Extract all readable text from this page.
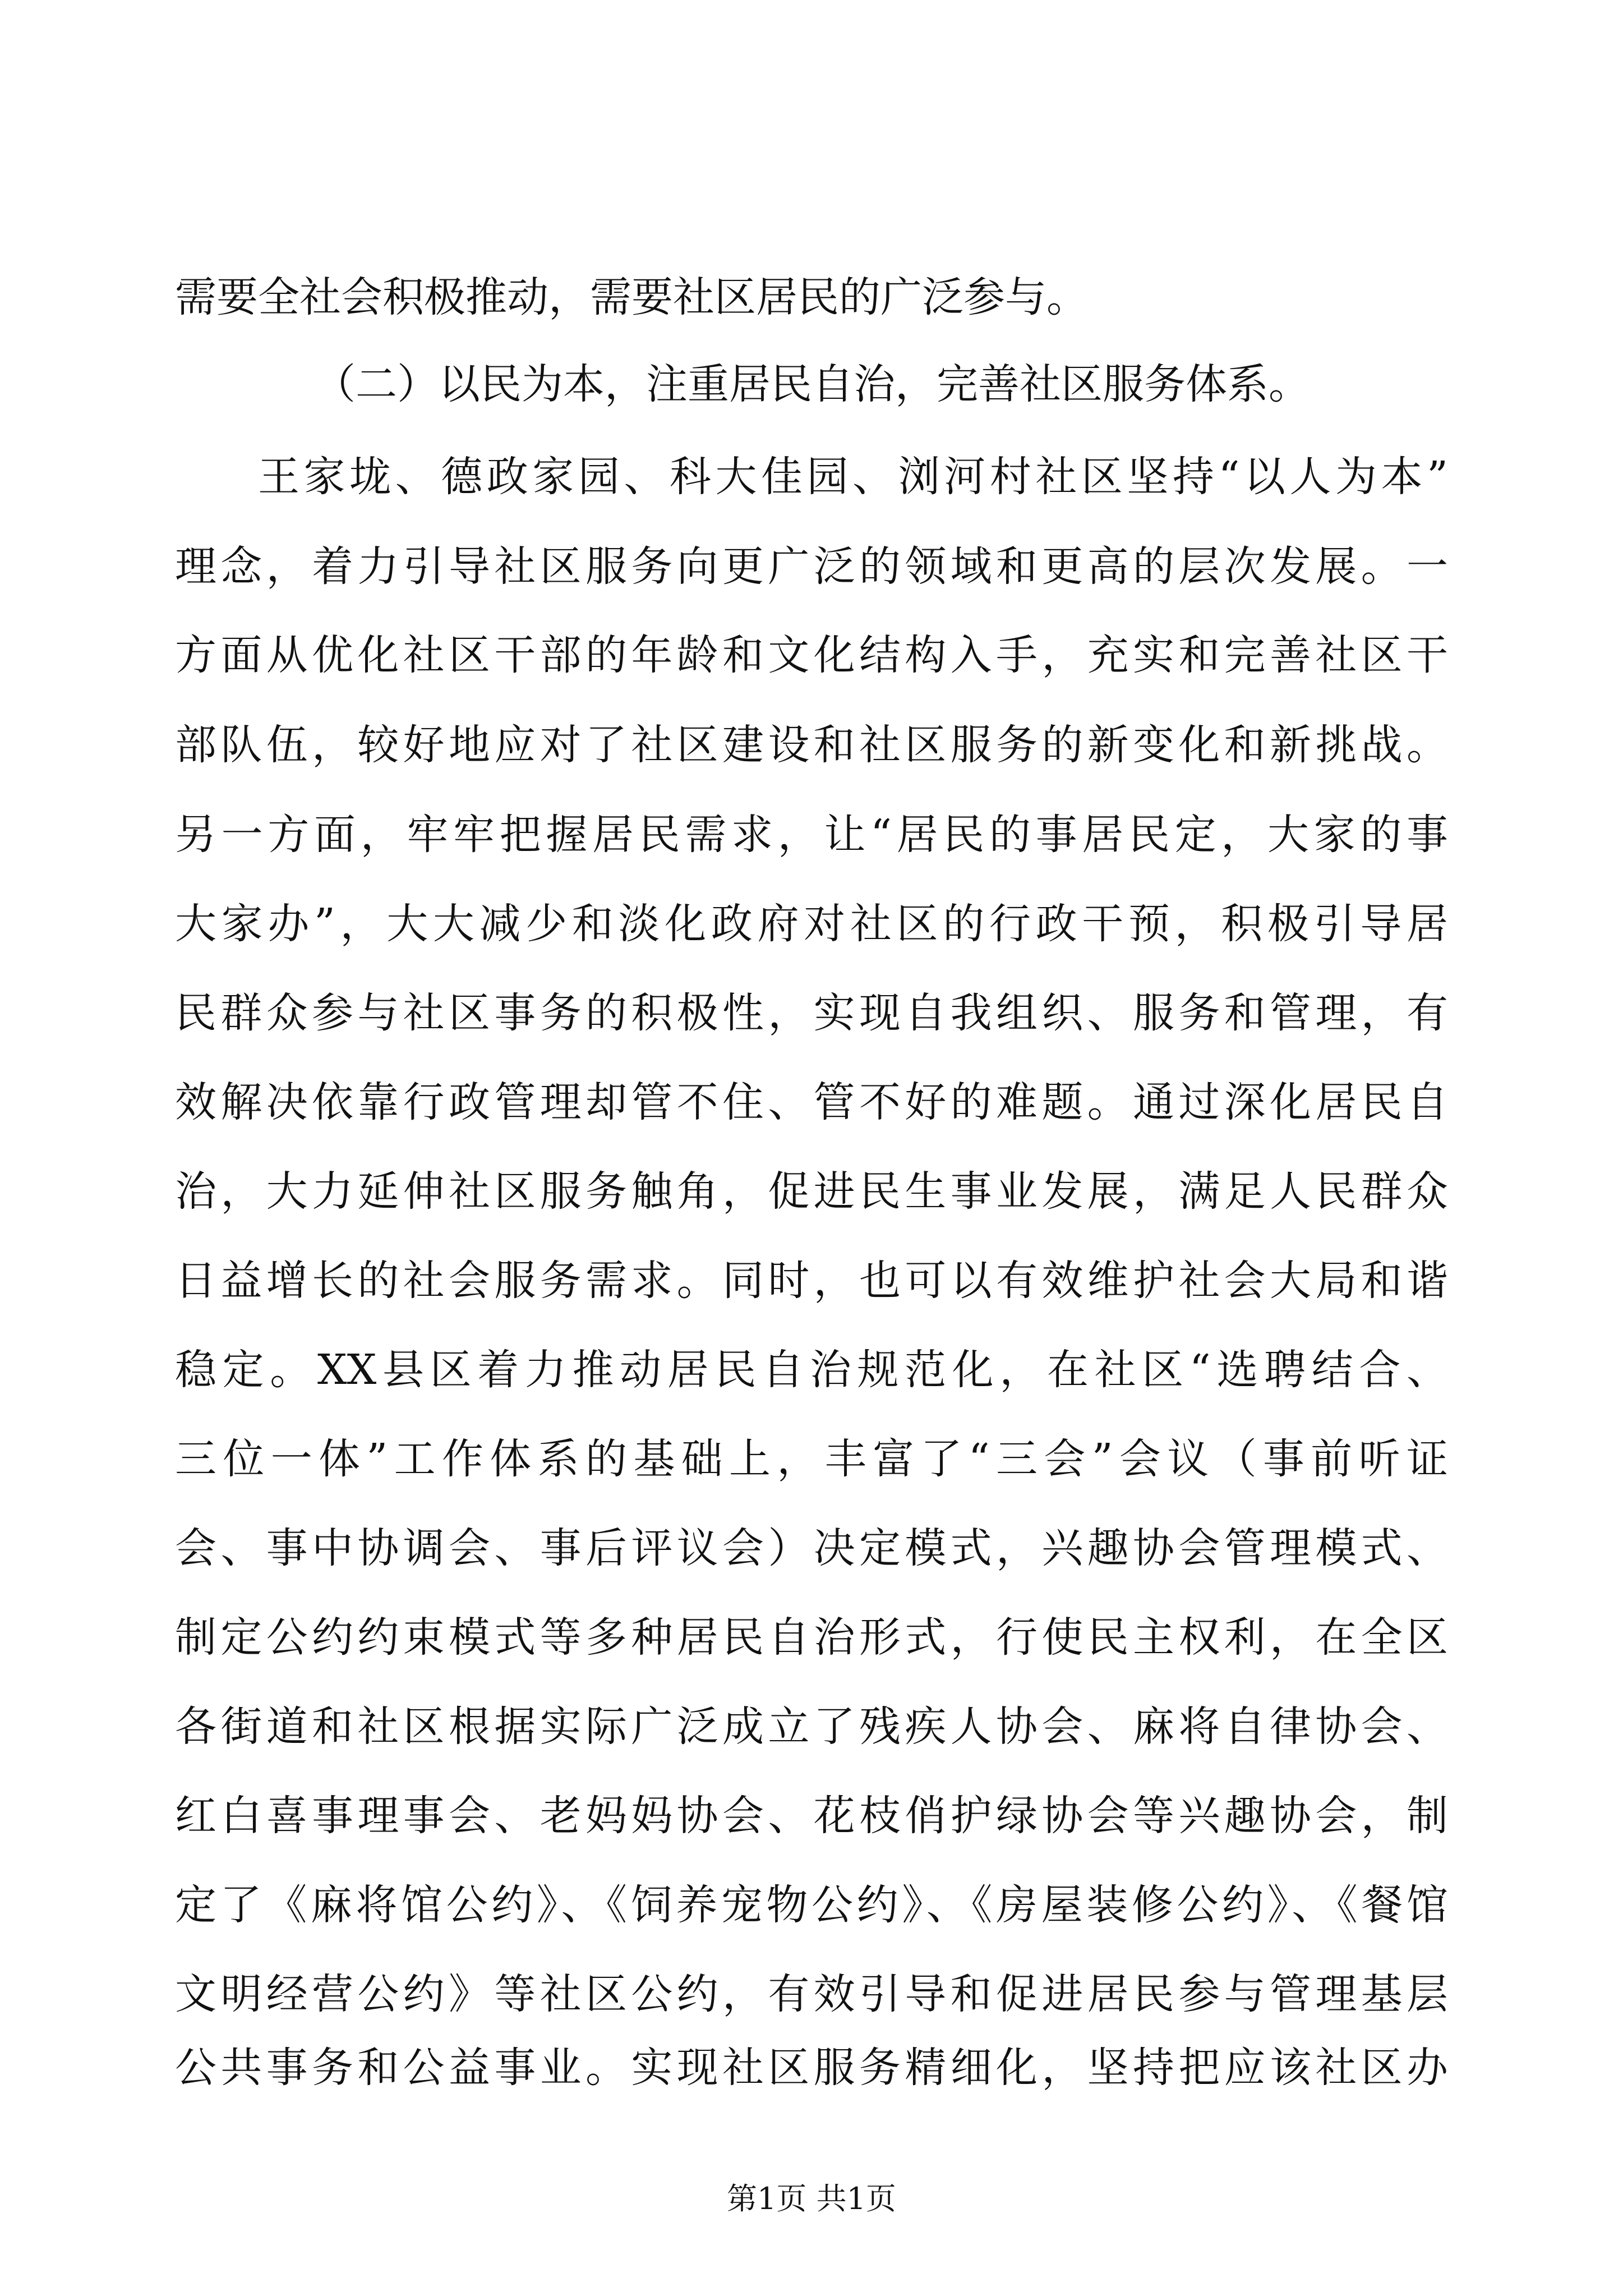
需要全社会积极推动，需要社区居民的广泛参与。
（二）以民为本，注重居民自治，完善社区服务体系。
王家垅、德政家园、科大佳园、浏河村社区坚持“以人为本”
理念，着力引导社区服务向更广泛的领域和更高的层次发展。一
方面从优化社区干部的年龄和文化结构入手，充实和完善社区干
部队伍，较好地应对了社区建设和社区服务的新变化和新挑战。
另一方面，牢牢把握居民需求，让“居民的事居民定，大家的事
大家办”，大大减少和淡化政府对社区的行政干预，积极引导居
民群众参与社区事务的积极性，实现自我组织、服务和管理，有
效解决依靠行政管理却管不住、管不好的难题。通过深化居民自
治，大力延伸社区服务触角，促进民生事业发展，满足人民群众
日益增长的社会服务需求。同时，也可以有效维护社会大局和谐
稳定。XX县区着力推动居民自治规范化，在社区“选聘结合、
三位一体”工作体系的基础上，丰富了“三会”会议（事前听证
会、事中协调会、事后评议会）决定模式，兴趣协会管理模式、
制定公约约束模式等多种居民自治形式，行使民主权利，在全区
各街道和社区根据实际广泛成立了残疾人协会、麻将自律协会、
红白喜事理事会、老妈妈协会、花枝俏护绿协会等兴趣协会，制
定了《麻将馆公约》、《饲养宠物公约》、《房屋装修公约》、《餐馆
文明经营公约》等社区公约，有效引导和促进居民参与管理基层
公共事务和公益事业。实现社区服务精细化，坚持把应该社区办
第1页 共1页
